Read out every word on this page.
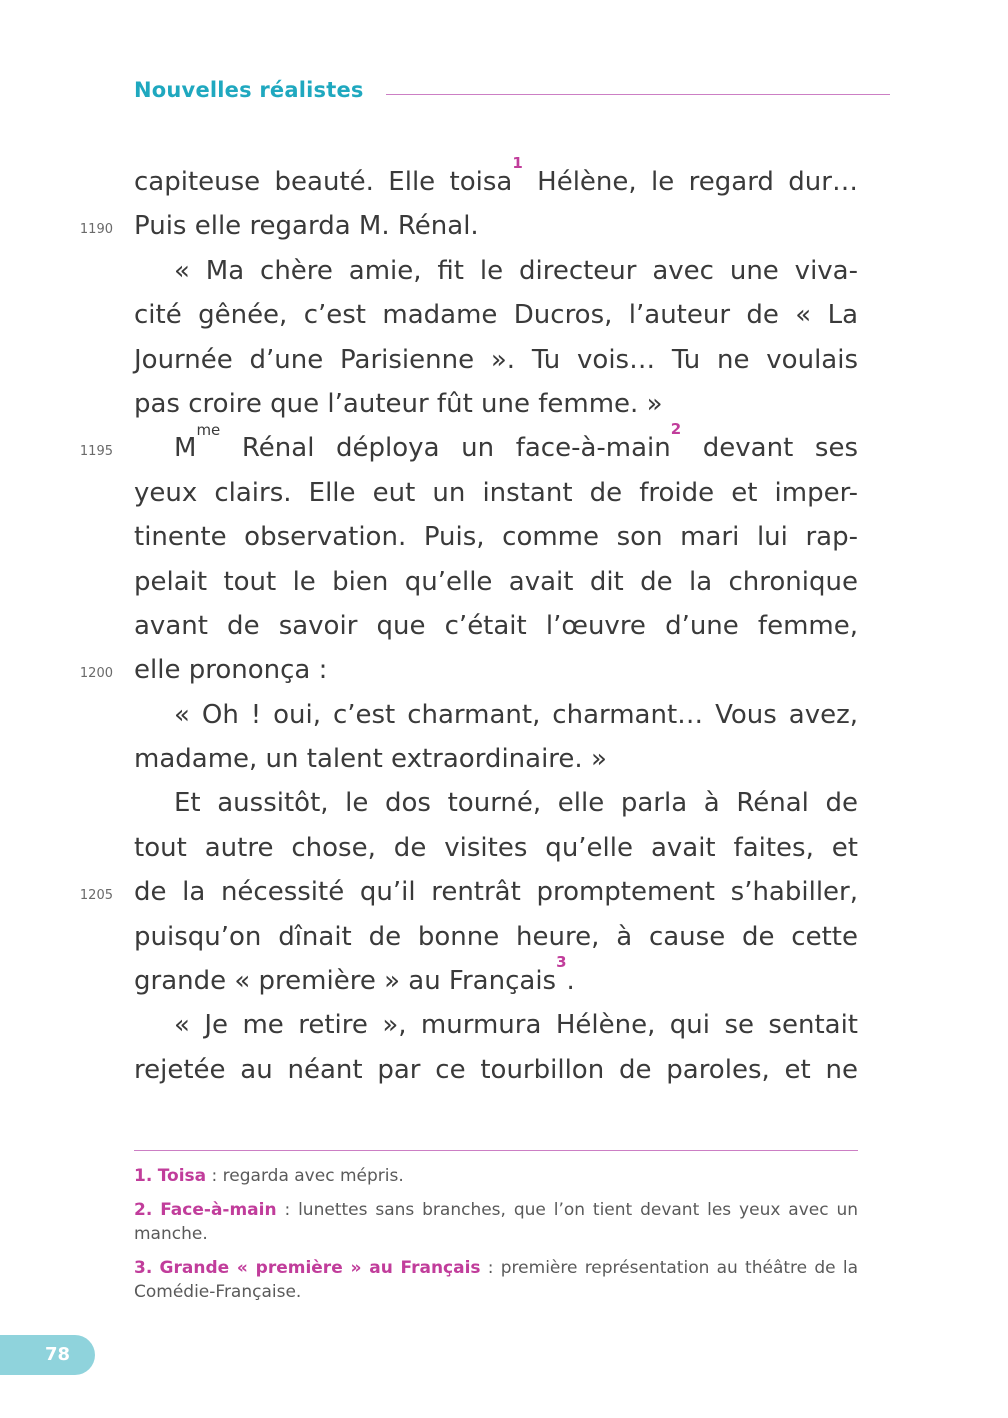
Nouvelles réalistes
1190
1195
1200
1205
capiteuse beauté. Elle toisa$^1$ Hélène, le regard dur…
Puis elle regarda M. Rénal.
« Ma chère amie, fit le directeur avec une viva-
cité gênée, c’est madame Ducros, l’auteur de « La
Journée d’une Parisienne ». Tu vois… Tu ne voulais
pas croire que l’auteur fût une femme. »
$M^{me}$ Rénal déploya un face-à-main$^2$ devant ses
yeux clairs. Elle eut un instant de froide et imper-
tinente observation. Puis, comme son mari lui rap-
pelait tout le bien qu’elle avait dit de la chronique
avant de savoir que c’était l’œuvre d’une femme,
elle prononça :
« Oh ! oui, c’est charmant, charmant… Vous avez,
madame, un talent extraordinaire. »
Et aussitôt, le dos tourné, elle parla à Rénal de
tout autre chose, de visites qu’elle avait faites, et
de la nécessité qu’il rentrât promptement s’habiller,
puisqu’on dînait de bonne heure, à cause de cette
grande « première » au Français$^3$.
« Je me retire », murmura Hélène, qui se sentait
rejetée au néant par ce tourbillon de paroles, et ne
1. Toisa : regarda avec mépris.
2. Face-à-main : lunettes sans branches, que l’on tient devant les yeux avec un manche.
3. Grande « première » au Français : première représentation au théâtre de la Comédie-Française.
78
